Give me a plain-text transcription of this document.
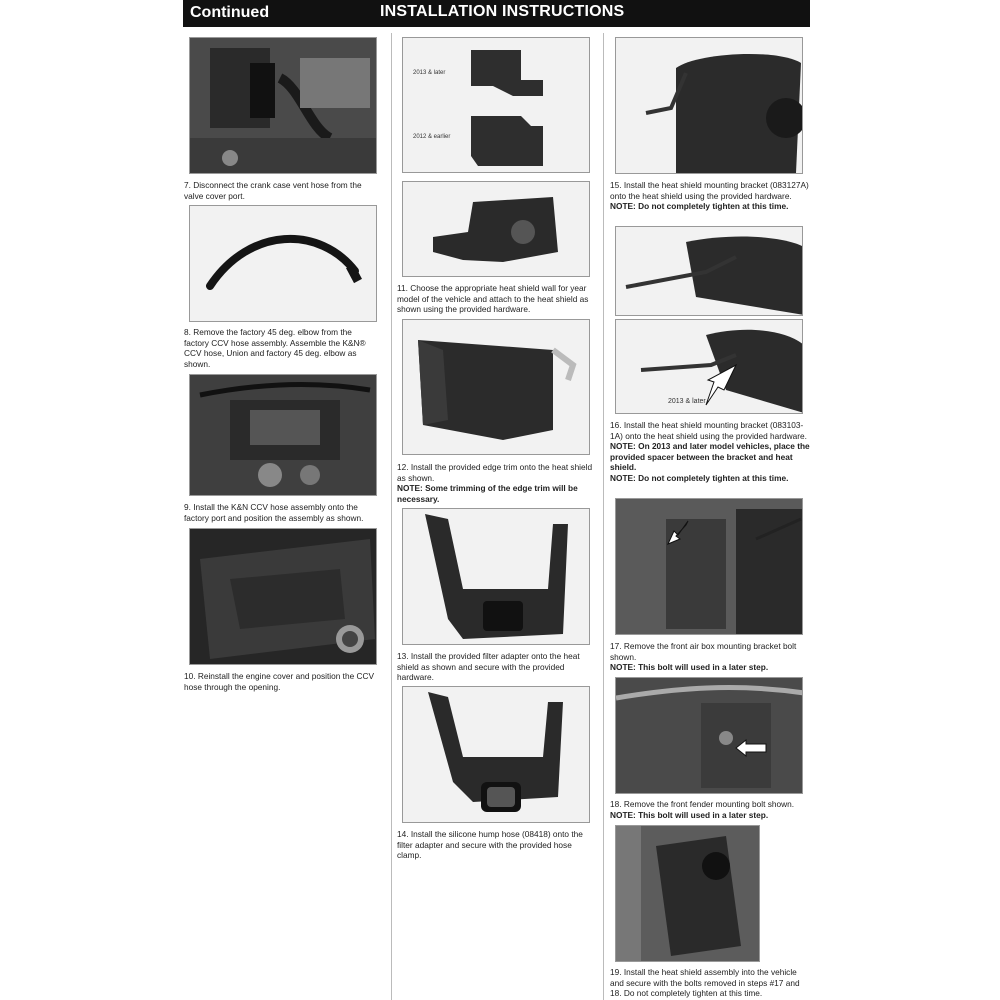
Continued	INSTALLATION INSTRUCTIONS

7. Disconnect the crank case vent hose from the valve cover port.

8. Remove the factory 45 deg. elbow from the factory CCV hose assembly. Assemble the K&N® CCV hose, Union and factory 45 deg. elbow as shown.

9. Install the K&N CCV hose assembly onto the factory port and position the assembly as shown.

10. Reinstall the engine cover and position the CCV hose through the opening.

2013 & later
2012 & earlier

11. Choose the appropriate heat shield wall for year model of the vehicle and attach to the heat shield as shown using the provided hardware.

12. Install the provided edge trim onto the heat shield as shown.

NOTE: Some trimming of the edge trim will be necessary.

13. Install the provided filter adapter onto the heat shield as shown and secure with the provided hardware.

14. Install the silicone hump hose (08418) onto the filter adapter and secure with the provided hose clamp.

15. Install the heat shield mounting bracket (083127A) onto the heat shield using the provided hardware.

NOTE: Do not completely tighten at this time.

2013 & later

16. Install the heat shield mounting bracket (083103-1A) onto the heat shield using the provided hardware.

NOTE: On 2013 and later model vehicles, place the provided spacer between the bracket and heat shield.

NOTE: Do not completely tighten at this time.

17. Remove the front air box mounting bracket bolt shown.

NOTE: This bolt will used in a later step.

18. Remove the front fender mounting bolt shown.

NOTE: This bolt will used in a later step.

19. Install the heat shield assembly into the vehicle and secure with the bolts removed in steps #17 and 18. Do not completely tighten at this time.
